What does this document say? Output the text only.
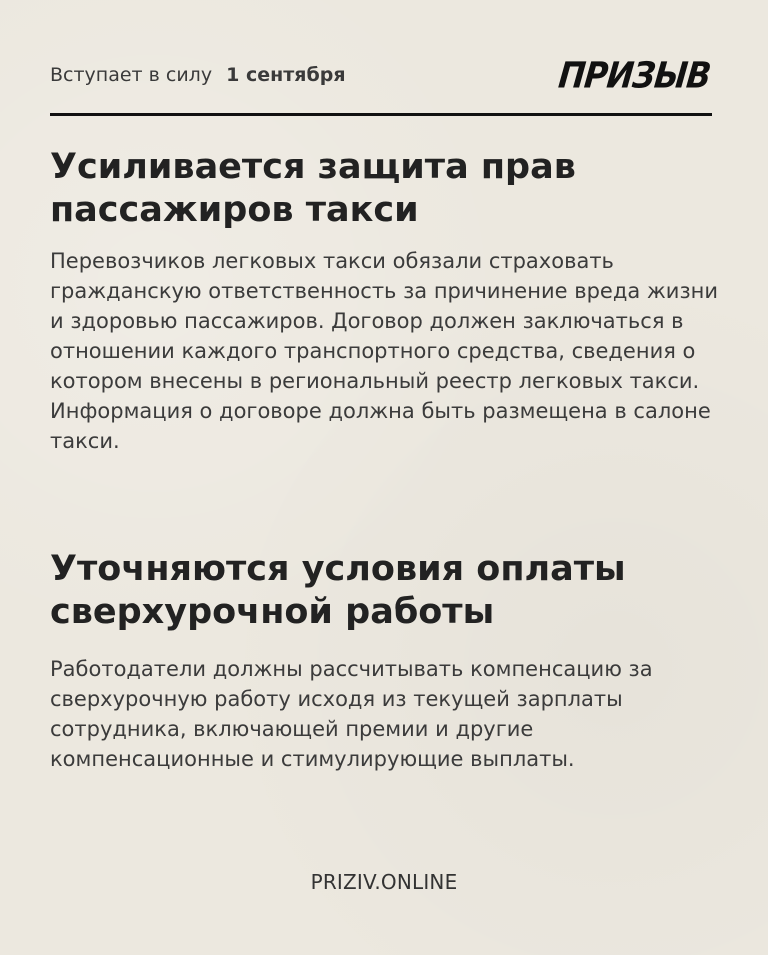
Вступает в силу 1 сентября	ПРИЗЫВ
Усиливается защита прав пассажиров такси

Перевозчиков легковых такси обязали страховать гражданскую ответственность за причинение вреда жизни и здоровью пассажиров. Договор должен заключаться в отношении каждого транспортного средства, сведения о котором внесены в региональный реестр легковых такси. Информация о договоре должна быть размещена в салоне такси.

Уточняются условия оплаты сверхурочной работы

Работодатели должны рассчитывать компенсацию за сверхурочную работу исходя из текущей зарплаты сотрудника, включающей премии и другие компенсационные и стимулирующие выплаты.

PRIZIV.ONLINE
